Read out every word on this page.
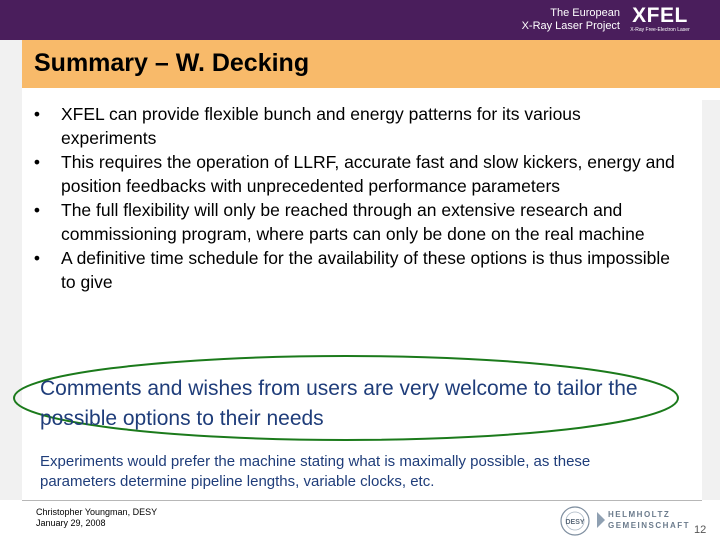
The European
X-Ray Laser Project XFEL
X-Ray Free-Electron Laser
Summary – W. Decking
• XFEL can provide flexible bunch and energy patterns for its various experiments
• This requires the operation of LLRF, accurate fast and slow kickers, energy and position feedbacks with unprecedented performance parameters
• The full flexibility will only be reached through an extensive research and commissioning program, where parts can only be done on the real machine
• A definitive time schedule for the availability of these options is thus impossible to give
Comments and wishes from users are very welcome to tailor the possible options to their needs
Experiments would prefer the machine stating what is maximally possible, as these parameters determine pipeline lengths, variable clocks, etc.
Christopher Youngman, DESY
January 29, 2008	DESY
HELMHOLTZ
GEMEINSCHAFT 12
